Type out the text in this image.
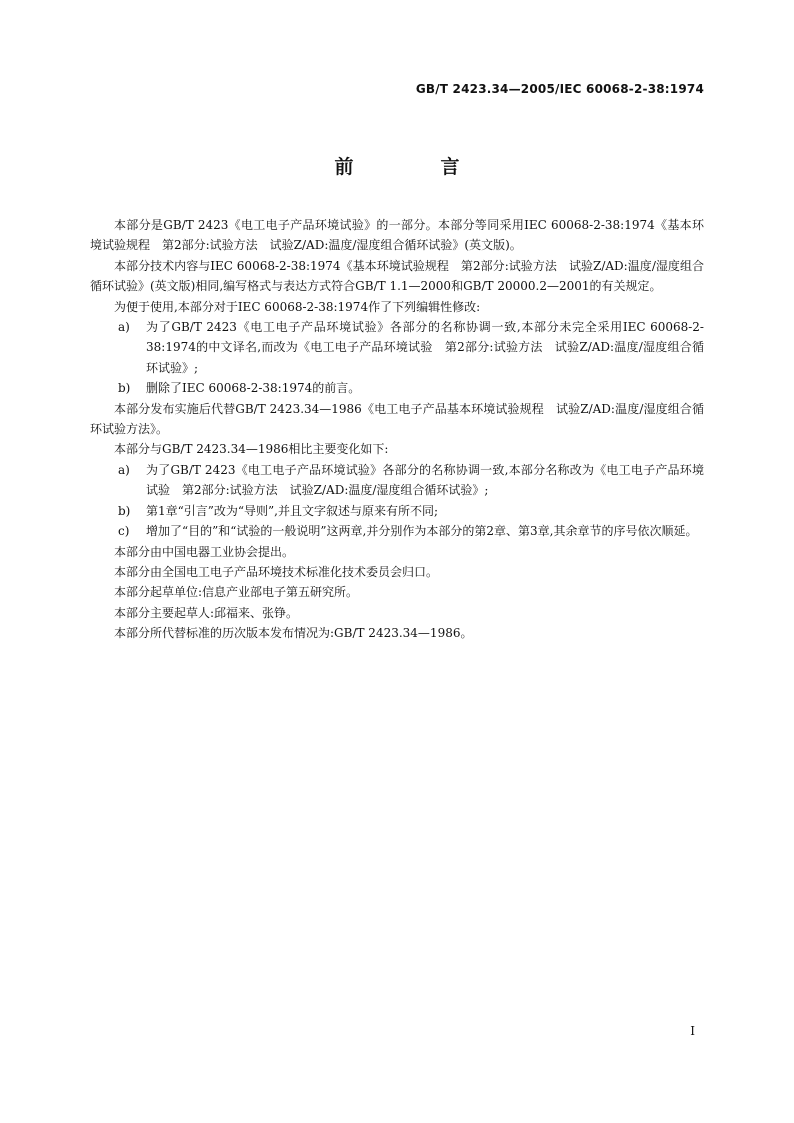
GB/T 2423.34—2005/IEC 60068-2-38:1974
前　言

本部分是GB/T 2423《电工电子产品环境试验》的一部分。本部分等同采用IEC 60068-2-38:1974《基本环境试验规程　第2部分:试验方法　试验Z/AD:温度/湿度组合循环试验》(英文版)。

本部分技术内容与IEC 60068-2-38:1974《基本环境试验规程　第2部分:试验方法　试验Z/AD:温度/湿度组合循环试验》(英文版)相同,编写格式与表达方式符合GB/T 1.1—2000和GB/T 20000.2—2001的有关规定。

为便于使用,本部分对于IEC 60068-2-38:1974作了下列编辑性修改:

a)	为了GB/T 2423《电工电子产品环境试验》各部分的名称协调一致,本部分未完全采用IEC 60068-2-38:1974的中文译名,而改为《电工电子产品环境试验　第2部分:试验方法　试验Z/AD:温度/湿度组合循环试验》;
b)	删除了IEC 60068-2-38:1974的前言。

本部分发布实施后代替GB/T 2423.34—1986《电工电子产品基本环境试验规程　试验Z/AD:温度/湿度组合循环试验方法》。

本部分与GB/T 2423.34—1986相比主要变化如下:

a)	为了GB/T 2423《电工电子产品环境试验》各部分的名称协调一致,本部分名称改为《电工电子产品环境试验　第2部分:试验方法　试验Z/AD:温度/湿度组合循环试验》;
b)	第1章“引言”改为“导则”,并且文字叙述与原来有所不同;
c)	增加了“目的”和“试验的一般说明”这两章,并分别作为本部分的第2章、第3章,其余章节的序号依次顺延。

本部分由中国电器工业协会提出。

本部分由全国电工电子产品环境技术标准化技术委员会归口。

本部分起草单位:信息产业部电子第五研究所。

本部分主要起草人:邱福来、张铮。

本部分所代替标准的历次版本发布情况为:GB/T 2423.34—1986。

I
